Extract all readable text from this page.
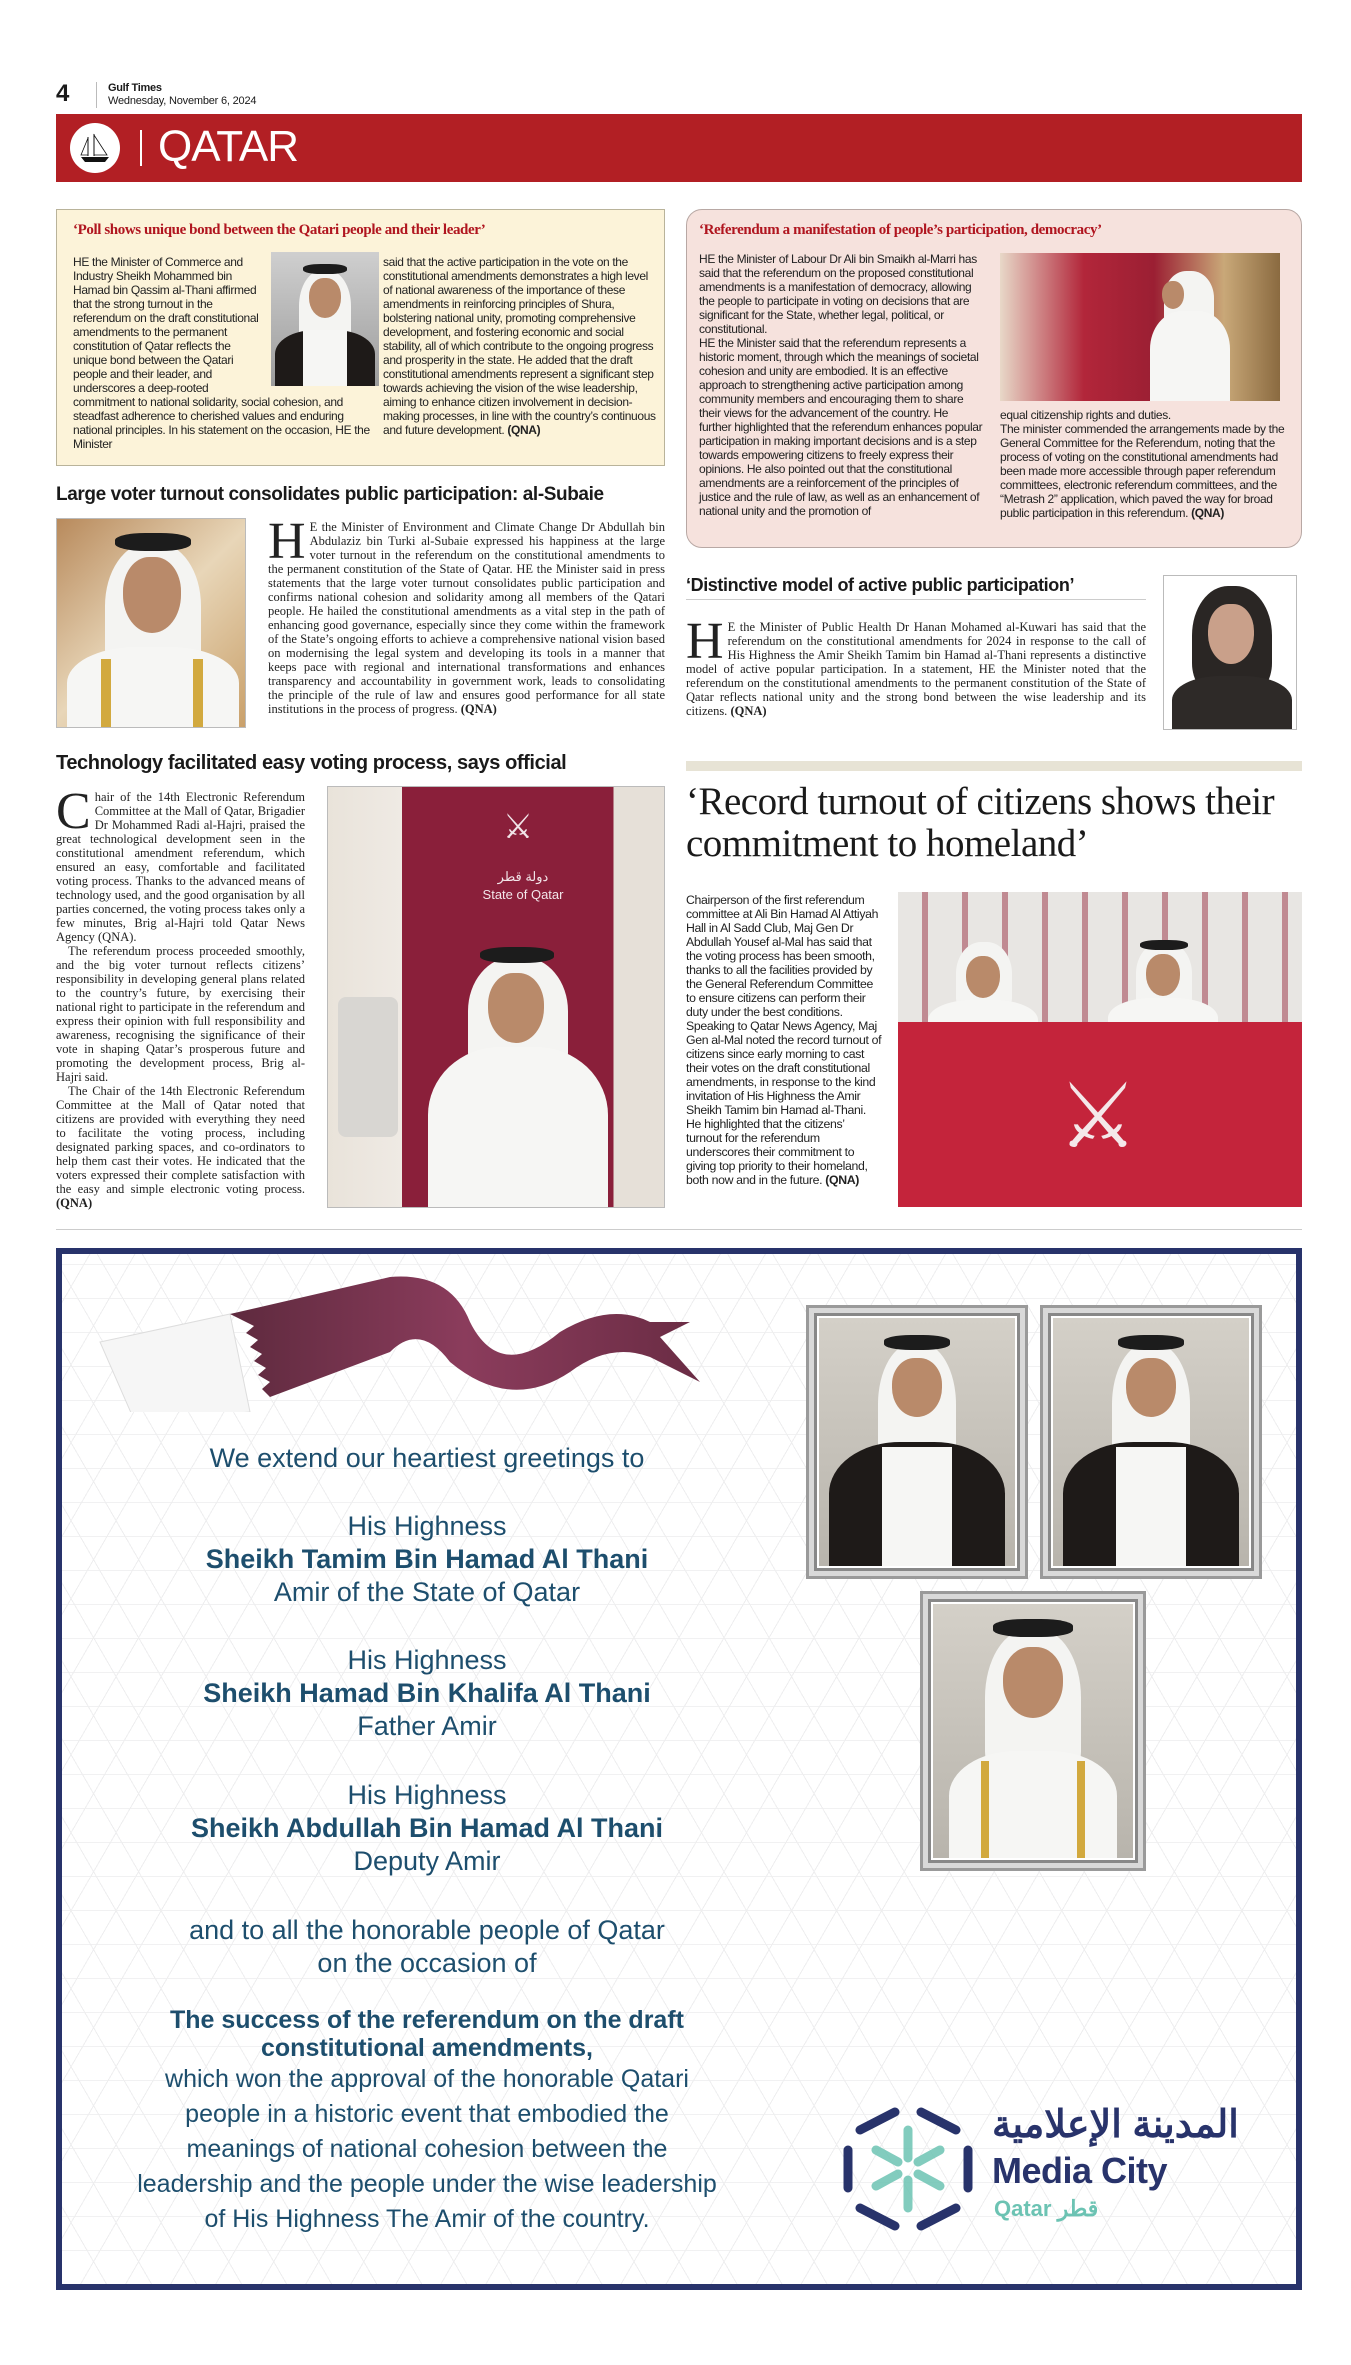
4	Gulf Times
Wednesday, November 6, 2024
QATAR
‘Poll shows unique bond between the Qatari people and their leader’
HE the Minister of Commerce and Industry Sheikh Mohammed bin Hamad bin Qassim al-Thani affirmed that the strong turnout in the referendum on the draft constitutional amendments to the permanent constitution of Qatar reflects the unique bond between the Qatari people and their leader, and underscores a deep-rooted commitment to national solidarity, social cohesion, and steadfast adherence to cherished values and enduring national principles. In his statement on the occasion, HE the Minister
said that the active participation in the vote on the constitutional amendments demonstrates a high level of national awareness of the importance of these amendments in reinforcing principles of Shura, bolstering national unity, promoting comprehensive development, and fostering economic and social stability, all of which contribute to the ongoing progress and prosperity in the state. He added that the draft constitutional amendments represent a significant step towards achieving the vision of the wise leadership, aiming to enhance citizen involvement in decision-making processes, in line with the country’s continuous and future development. (QNA)
‘Referendum a manifestation of people’s participation, democracy’
HE the Minister of Labour Dr Ali bin Smaikh al-Marri has said that the referendum on the proposed constitutional amendments is a manifestation of democracy, allowing the people to participate in voting on decisions that are significant for the State, whether legal, political, or constitutional.
HE the Minister said that the referendum represents a historic moment, through which the meanings of societal cohesion and unity are embodied. It is an effective approach to strengthening active participation among community members and encouraging them to share their views for the advancement of the country. He further highlighted that the referendum enhances popular participation in making important decisions and is a step towards empowering citizens to freely express their opinions. He also pointed out that the constitutional amendments are a reinforcement of the principles of justice and the rule of law, as well as an enhancement of national unity and the promotion of
equal citizenship rights and duties.
The minister commended the arrangements made by the General Committee for the Referendum, noting that the process of voting on the constitutional amendments had been made more accessible through paper referendum committees, electronic referendum committees, and the “Metrash 2” application, which paved the way for broad public participation in this referendum. (QNA)
Large voter turnout consolidates public participation: al-Subaie
H E the Minister of Environment and Climate Change Dr Abdullah bin Abdulaziz bin Turki al-Subaie expressed his happiness at the large voter turnout in the referendum on the constitutional amendments to the permanent constitution of the State of Qatar. HE the Minister said in press statements that the large voter turnout consolidates public participation and confirms national cohesion and solidarity among all members of the Qatari people. He hailed the constitutional amendments as a vital step in the path of enhancing good governance, especially since they come within the framework of the State’s ongoing efforts to achieve a comprehensive national vision based on modernising the legal system and developing its tools in a manner that keeps pace with regional and international transformations and enhances transparency and accountability in government work, leads to consolidating the principle of the rule of law and ensures good performance for all state institutions in the process of progress. (QNA)
‘Distinctive model of active public participation’
H E the Minister of Public Health Dr Hanan Mohamed al-Kuwari has said that the referendum on the constitutional amendments for 2024 in response to the call of His Highness the Amir Sheikh Tamim bin Hamad al-Thani represents a distinctive model of active popular participation. In a statement, HE the Minister noted that the referendum on the constitutional amendments to the permanent constitution of the State of Qatar reflects national unity and the strong bond between the wise leadership and its citizens. (QNA)
Technology facilitated easy voting process, says official

Chair of the 14th Electronic Referendum Committee at the Mall of Qatar, Brigadier Dr Mohammed Radi al-Hajri, praised the great technological development seen in the constitutional amendment referendum, which ensured an easy, comfortable and facilitated voting process. Thanks to the advanced means of technology used, and the good organisation by all parties concerned, the voting process takes only a few minutes, Brig al-Hajri told Qatar News Agency (QNA).

The referendum process proceeded smoothly, and the big voter turnout reflects citizens’ responsibility in developing general plans related to the country’s future, by exercising their national right to participate in the referendum and express their opinion with full responsibility and awareness, recognising the significance of their vote in shaping Qatar’s prosperous future and promoting the development process, Brig al-Hajri said.

The Chair of the 14th Electronic Referendum Committee at the Mall of Qatar noted that citizens are provided with everything they need to facilitate the voting process, including designated parking spaces, and co-ordinators to help them cast their votes. He indicated that the voters expressed their complete satisfaction with the easy and simple electronic voting process. (QNA)

⚔
دولة قطر
State of Qatar
‘Record turnout of citizens shows their commitment to homeland’
Chairperson of the first referendum committee at Ali Bin Hamad Al Attiyah Hall in Al Sadd Club, Maj Gen Dr Abdullah Yousef al-Mal has said that the voting process has been smooth, thanks to all the facilities provided by the General Referendum Committee to ensure citizens can perform their duty under the best conditions. Speaking to Qatar News Agency, Maj Gen al-Mal noted the record turnout of citizens since early morning to cast their votes on the draft constitutional amendments, in response to the kind invitation of His Highness the Amir Sheikh Tamim bin Hamad al-Thani. He highlighted that the citizens’ turnout for the referendum underscores their commitment to giving top priority to their homeland, both now and in the future. (QNA)
⚔
We extend our heartiest greetings to
His Highness
Sheikh Tamim Bin Hamad Al Thani
Amir of the State of Qatar
His Highness
Sheikh Hamad Bin Khalifa Al Thani
Father Amir
His Highness
Sheikh Abdullah Bin Hamad Al Thani
Deputy Amir
and to all the honorable people of Qatar
on the occasion of
The success of the referendum on the draft
constitutional amendments,
which won the approval of the honorable Qatari
people in a historic event that embodied the
meanings of national cohesion between the
leadership and the people under the wise leadership
of His Highness The Amir of the country.
المدينة الإعلامية
Media City
Qatar قطر
